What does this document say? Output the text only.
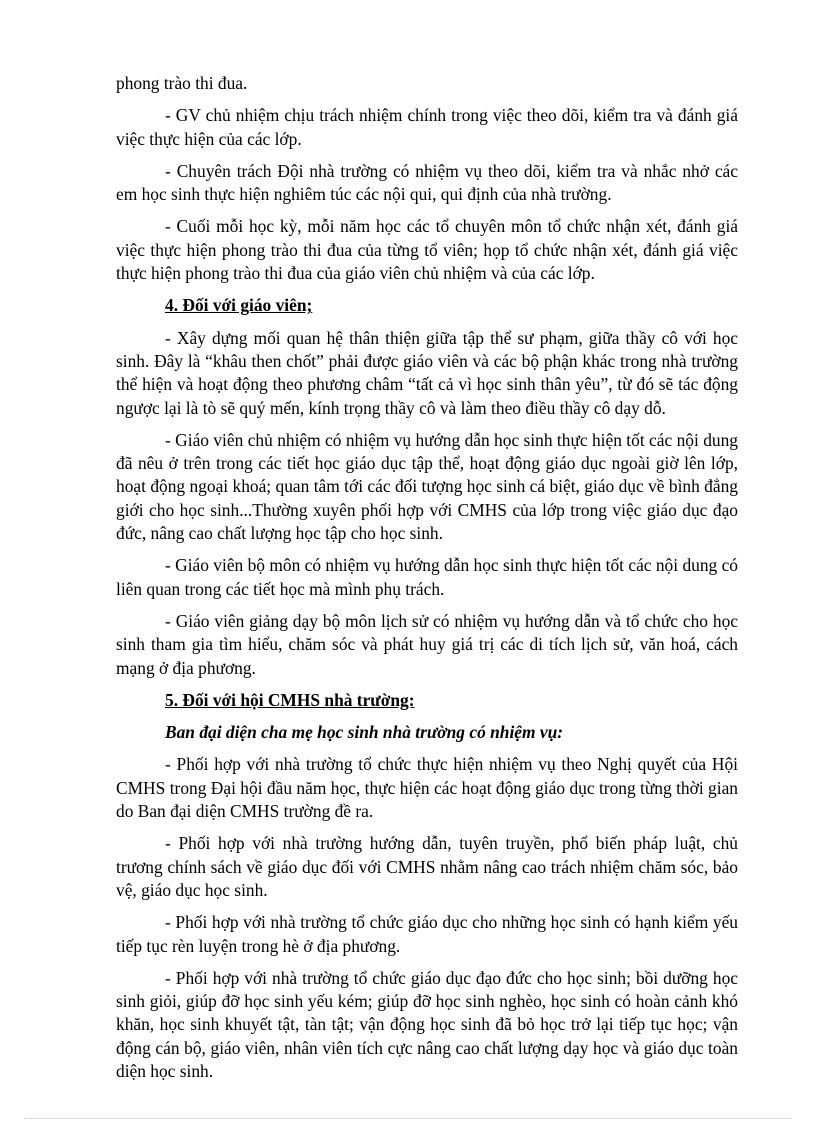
phong trào thi đua.

- GV chủ nhiệm chịu trách nhiệm chính trong việc theo dõi, kiểm tra và đánh giá việc thực hiện của các lớp.

- Chuyên trách Đội nhà trường có nhiệm vụ theo dõi, kiểm tra và nhắc nhở các em học sinh thực hiện nghiêm túc các nội qui, qui định của nhà trường.

- Cuối mỗi học kỳ, mỗi năm học các tổ chuyên môn tổ chức nhận xét, đánh giá việc thực hiện phong trào thi đua của từng tổ viên; họp tổ chức nhận xét, đánh giá việc thực hiện phong trào thi đua của giáo viên chủ nhiệm và của các lớp.

4. Đối với giáo viên;

- Xây dựng mối quan hệ thân thiện giữa tập thể sư phạm, giữa thầy cô với học sinh. Đây là “khâu then chốt” phải được giáo viên và các bộ phận khác trong nhà trường thể hiện và hoạt động theo phương châm “tất cả vì học sinh thân yêu”, từ đó sẽ tác động ngược lại là tò sẽ quý mến, kính trọng thầy cô và làm theo điều thầy cô dạy dỗ.

- Giáo viên chủ nhiệm có nhiệm vụ hướng dẫn học sinh thực hiện tốt các nội dung đã nêu ở trên trong các tiết học giáo dục tập thể, hoạt động giáo dục ngoài giờ lên lớp, hoạt động ngoại khoá; quan tâm tới các đối tượng học sinh cá biệt, giáo dục về bình đẳng giới cho học sinh...Thường xuyên phối hợp với CMHS của lớp trong việc giáo dục đạo đức, nâng cao chất lượng học tập cho học sinh.

- Giáo viên bộ môn có nhiệm vụ hướng dẫn học sinh thực hiện tốt các nội dung có liên quan trong các tiết học mà mình phụ trách.

- Giáo viên giảng dạy bộ môn lịch sử có nhiệm vụ hướng dẫn và tổ chức cho học sinh tham gia tìm hiểu, chăm sóc và phát huy giá trị các di tích lịch sử, văn hoá, cách mạng ở địa phương.

5. Đối với hội CMHS nhà trường:
Ban đại diện cha mẹ học sinh nhà trường có nhiệm vụ:

- Phối hợp với nhà trường tổ chức thực hiện nhiệm vụ theo Nghị quyết của Hội CMHS trong Đại hội đầu năm học, thực hiện các hoạt động giáo dục trong từng thời gian do Ban đại diện CMHS trường đề ra.

- Phối hợp với nhà trường hướng dẫn, tuyên truyền, phổ biến pháp luật, chủ trương chính sách về giáo dục đối với CMHS nhằm nâng cao trách nhiệm chăm sóc, bảo vệ, giáo dục học sinh.

- Phối hợp với nhà trường tổ chức giáo dục cho những học sinh có hạnh kiểm yếu tiếp tục rèn luyện trong hè ở địa phương.

- Phối hợp với nhà trường tổ chức giáo dục đạo đức cho học sinh; bồi dưỡng học sinh giỏi, giúp đỡ học sinh yếu kém; giúp đỡ học sinh nghèo, học sinh có hoàn cảnh khó khăn, học sinh khuyết tật, tàn tật; vận động học sinh đã bỏ học trở lại tiếp tục học; vận động cán bộ, giáo viên, nhân viên tích cực nâng cao chất lượng dạy học và giáo dục toàn diện học sinh.
